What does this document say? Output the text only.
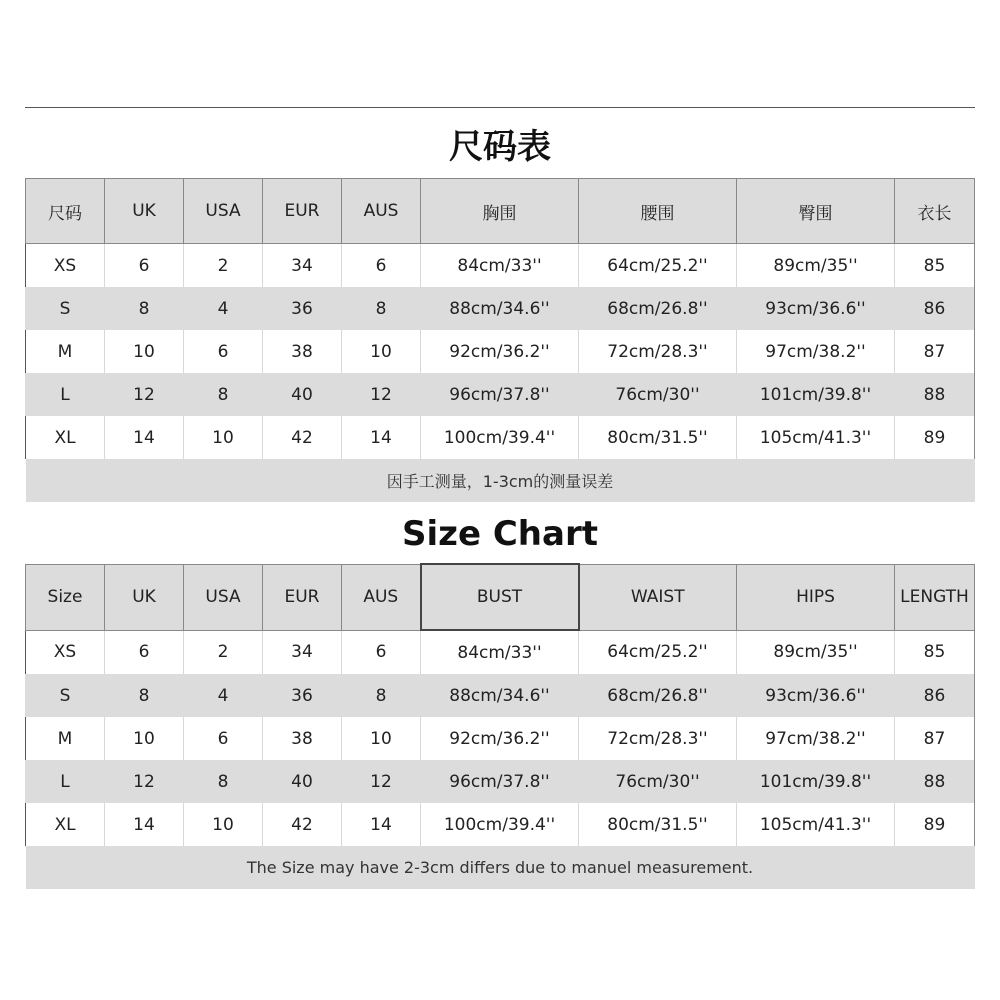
尺码表
尺码	UK	USA	EUR	AUS	胸围	腰围	臀围	衣长
XS	6	2	34	6	84cm/33''	64cm/25.2''	89cm/35''	85
S	8	4	36	8	88cm/34.6''	68cm/26.8''	93cm/36.6''	86
M	10	6	38	10	92cm/36.2''	72cm/28.3''	97cm/38.2''	87
L	12	8	40	12	96cm/37.8''	76cm/30''	101cm/39.8''	88
XL	14	10	42	14	100cm/39.4''	80cm/31.5''	105cm/41.3''	89
因手工测量，1-3cm的测量误差								
Size Chart
Size	UK	USA	EUR	AUS	BUST	WAIST	HIPS	LENGTH
XS	6	2	34	6	84cm/33''	64cm/25.2''	89cm/35''	85
S	8	4	36	8	88cm/34.6''	68cm/26.8''	93cm/36.6''	86
M	10	6	38	10	92cm/36.2''	72cm/28.3''	97cm/38.2''	87
L	12	8	40	12	96cm/37.8''	76cm/30''	101cm/39.8''	88
XL	14	10	42	14	100cm/39.4''	80cm/31.5''	105cm/41.3''	89
The Size may have 2-3cm differs due to manuel measurement.								
